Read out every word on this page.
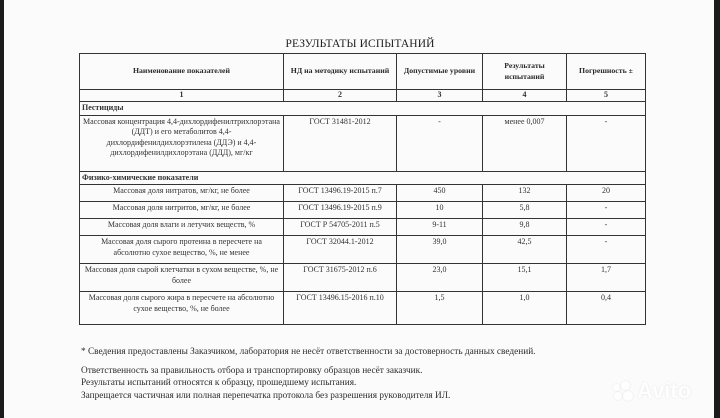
РЕЗУЛЬТАТЫ ИСПЫТАНИЙ
Наименование показателей	НД на методику испытаний	Допустимые уровни	Результаты испытаний	Погрешность ±
1	2	3	4	5
Пестициды				
Массовая концентрация 4,4-дихлордифенилтрихлорэтана (ДДТ) и его метаболитов 4,4-дихлордифенилдихлорэтилена (ДДЭ) и 4,4-дихлордифенилдихлорэтана (ДДД), мг/кг	ГОСТ 31481-2012	-	менее 0,007	-
Физико-химические показатели				
Массовая доля нитратов, мг/кг, не более	ГОСТ 13496.19-2015 п.7	450	132	20
Массовая доля нитритов, мг/кг, не более	ГОСТ 13496.19-2015 п.9	10	5,8	-
Массовая доля влаги и летучих веществ, %	ГОСТ Р 54705-2011 п.5	9-11	9,8	-
Массовая доля сырого протеина в пересчете на абсолютно сухое вещество, %, не менее	ГОСТ 32044.1-2012	39,0	42,5	-
Массовая доля сырой клетчатки в сухом веществе, %, не более	ГОСТ 31675-2012 п.6	23,0	15,1	1,7
Массовая доля сырого жира в пересчете на абсолютно сухое вещество, %, не более	ГОСТ 13496.15-2016 п.10	1,5	1,0	0,4

* Сведения предоставлены Заказчиком, лаборатория не несёт ответственности за достоверность данных сведений.

Ответственность за правильность отбора и транспортировку образцов несёт заказчик.

Результаты испытаний относятся к образцу, прошедшему испытания.

Запрещается частичная или полная перепечатка протокола без разрешения руководителя ИЛ.	Avito
